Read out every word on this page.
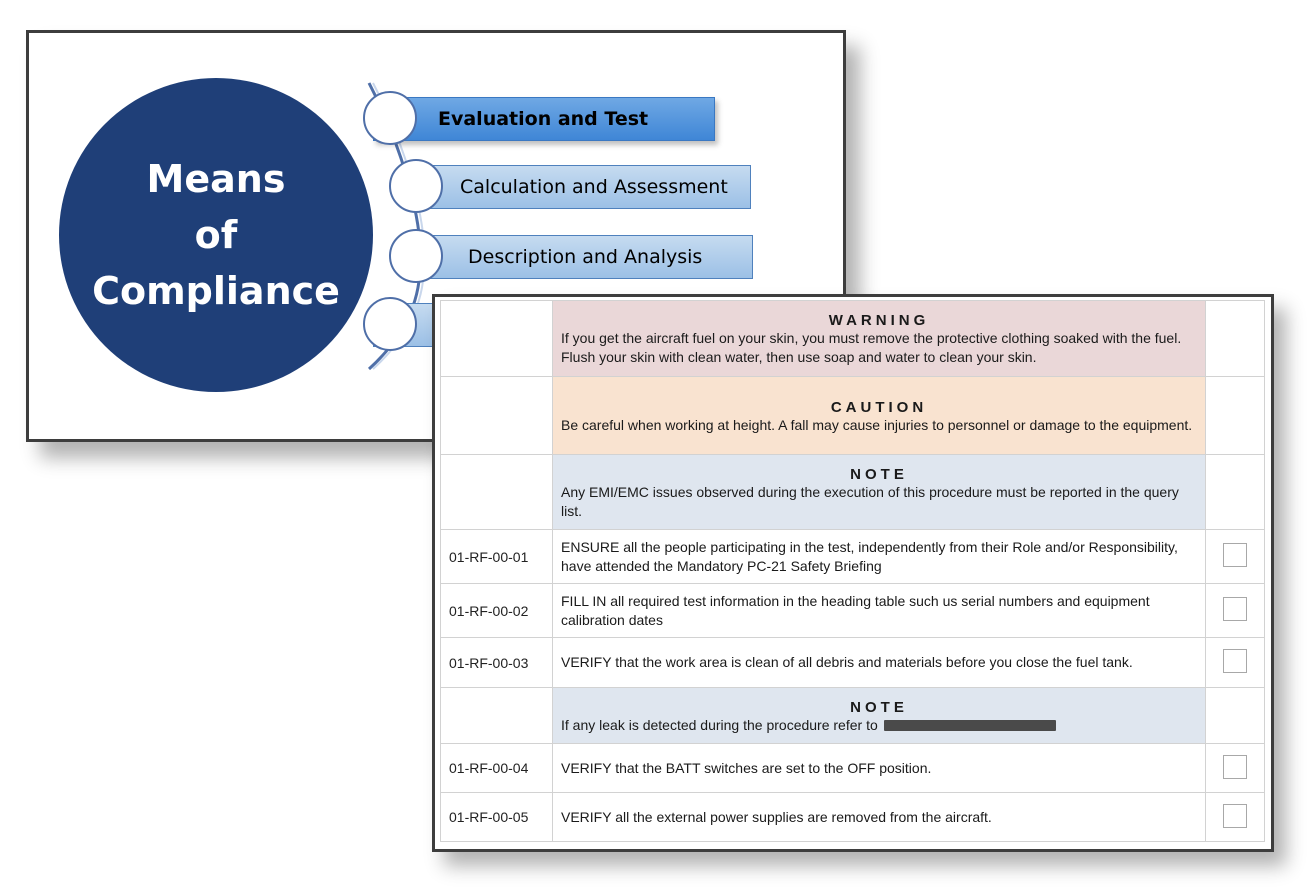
Means
of
Compliance
Evaluation and Test
Calculation and Assessment
Description and Analysis

	WARNING
If you get the aircraft fuel on your skin, you must remove the protective clothing soaked with the fuel. Flush your skin with clean water, then use soap and water to clean your skin.	

	CAUTION
Be careful when working at height. A fall may cause injuries to personnel or damage to the equipment.	

	NOTE
Any EMI/EMC issues observed during the execution of this procedure must be reported in the query list.	

01-RF-00-01	ENSURE all the people participating in the test, independently from their Role and/or Responsibility, have attended the Mandatory PC-21 Safety Briefing	
01-RF-00-02	FILL IN all required test information in the heading table such us serial numbers and equipment calibration dates	
01-RF-00-03	VERIFY that the work area is clean of all debris and materials before you close the fuel tank.	

	NOTE
If any leak is detected during the procedure refer to	

01-RF-00-04	VERIFY that the BATT switches are set to the OFF position.	
01-RF-00-05	VERIFY all the external power supplies are removed from the aircraft.	
